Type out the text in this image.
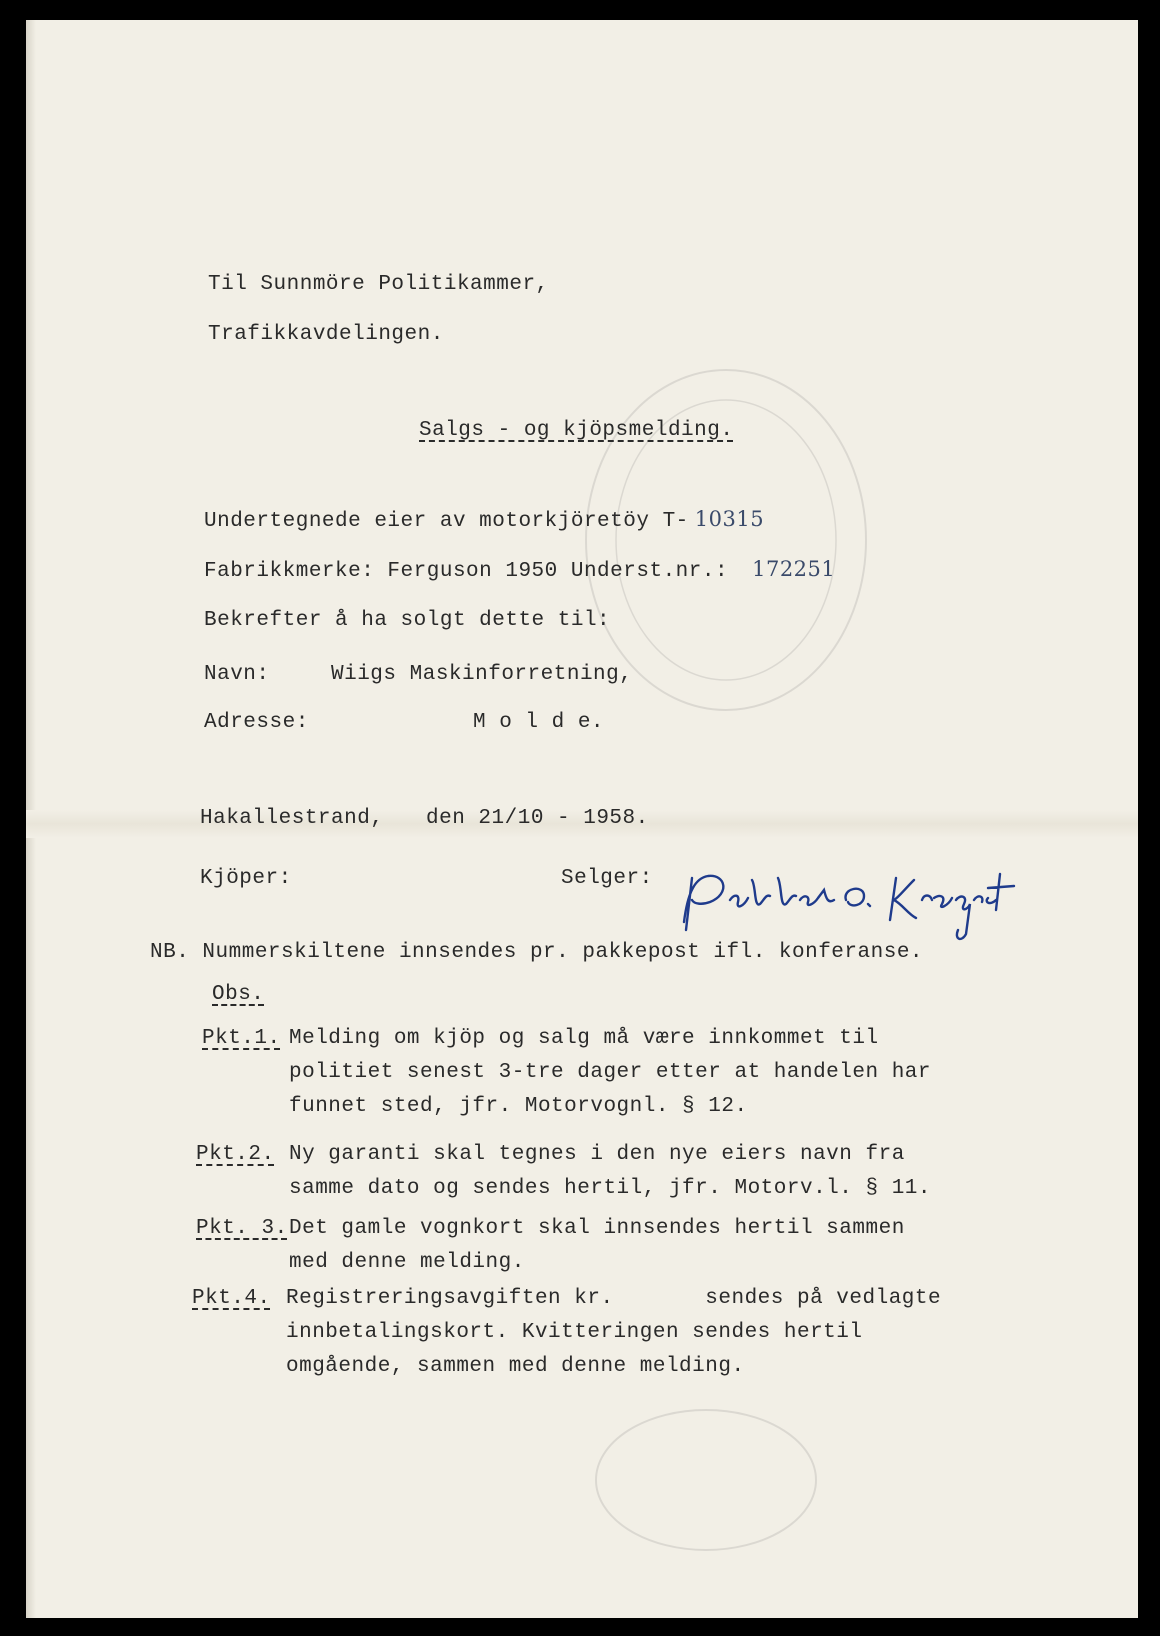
Til Sunnmöre Politikammer,
Trafikkavdelingen.
Salgs - og kjöpsmelding.
Undertegnede eier av motorkjöretöy T- 10315
Fabrikkmerke: Ferguson 1950 Underst.nr.: 172251
Bekrefter å ha solgt dette til:
Navn:	Wiigs Maskinforretning,
Adresse:	M o l d e.
Hakallestrand, den 21/10 - 1958.
Kjöper:	Selger:
NB. Nummerskiltene innsendes pr. pakkepost ifl. konferanse.
Obs.
Pkt.1. Melding om kjöp og salg må være innkommet til
politiet senest 3-tre dager etter at handelen har
funnet sted, jfr. Motorvognl. § 12.
Pkt.2. Ny garanti skal tegnes i den nye eiers navn fra
samme dato og sendes hertil, jfr. Motorv.l. § 11.
Pkt. 3. Det gamle vognkort skal innsendes hertil sammen
med denne melding.
Pkt.4. Registreringsavgiften kr.       sendes på vedlagte
innbetalingskort. Kvitteringen sendes hertil
omgående, sammen med denne melding.
